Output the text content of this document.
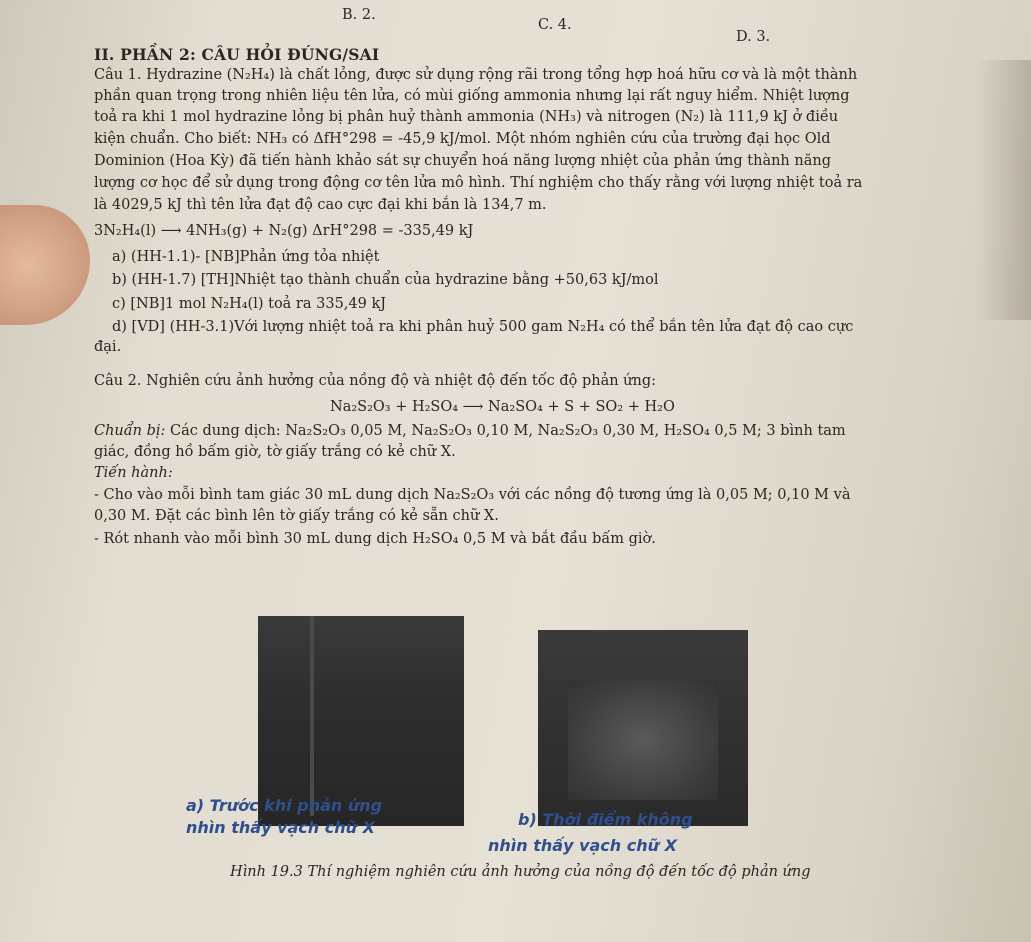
B. 2.
C. 4.
D. 3.
II. PHẦN 2: CÂU HỎI ĐÚNG/SAI
Câu 1. Hydrazine (N₂H₄) là chất lỏng, được sử dụng rộng rãi trong tổng hợp hoá hữu cơ và là một thành
phần quan trọng trong nhiên liệu tên lửa, có mùi giống ammonia nhưng lại rất nguy hiểm. Nhiệt lượng
toả ra khi 1 mol hydrazine lỏng bị phân huỷ thành ammonia (NH₃) và nitrogen (N₂) là 111,9 kJ ở điều
kiện chuẩn. Cho biết: NH₃ có ΔfH°298 = -45,9 kJ/mol. Một nhóm nghiên cứu của trường đại học Old
Dominion (Hoa Kỳ) đã tiến hành khảo sát sự chuyển hoá năng lượng nhiệt của phản ứng thành năng
lượng cơ học để sử dụng trong động cơ tên lửa mô hình. Thí nghiệm cho thấy rằng với lượng nhiệt toả ra
là 4029,5 kJ thì tên lửa đạt độ cao cực đại khi bắn là 134,7 m.
3N₂H₄(l) ⟶ 4NH₃(g) + N₂(g) ΔrH°298 = -335,49 kJ
a) (HH-1.1)- [NB]Phản ứng tỏa nhiệt
b) (HH-1.7) [TH]Nhiệt tạo thành chuẩn của hydrazine bằng +50,63 kJ/mol
c) [NB]1 mol N₂H₄(l) toả ra 335,49 kJ
d) [VD] (HH-3.1)Với lượng nhiệt toả ra khi phân huỷ 500 gam N₂H₄ có thể bắn tên lửa đạt độ cao cực
đại.
Câu 2. Nghiên cứu ảnh hưởng của nồng độ và nhiệt độ đến tốc độ phản ứng:
Na₂S₂O₃ + H₂SO₄ ⟶ Na₂SO₄ + S + SO₂ + H₂O
Chuẩn bị: Các dung dịch: Na₂S₂O₃ 0,05 M, Na₂S₂O₃ 0,10 M, Na₂S₂O₃ 0,30 M, H₂SO₄ 0,5 M; 3 bình tam
giác, đồng hồ bấm giờ, tờ giấy trắng có kẻ chữ X.
Tiến hành:
- Cho vào mỗi bình tam giác 30 mL dung dịch Na₂S₂O₃ với các nồng độ tương ứng là 0,05 M; 0,10 M và
0,30 M. Đặt các bình lên tờ giấy trắng có kẻ sẵn chữ X.
- Rót nhanh vào mỗi bình 30 mL dung dịch H₂SO₄ 0,5 M và bắt đầu bấm giờ.
a) Trước khi phản ứng
nhìn thấy vạch chữ X	b) Thời điểm không
nhìn thấy vạch chữ X
Hình 19.3 Thí nghiệm nghiên cứu ảnh hưởng của nồng độ đến tốc độ phản ứng
